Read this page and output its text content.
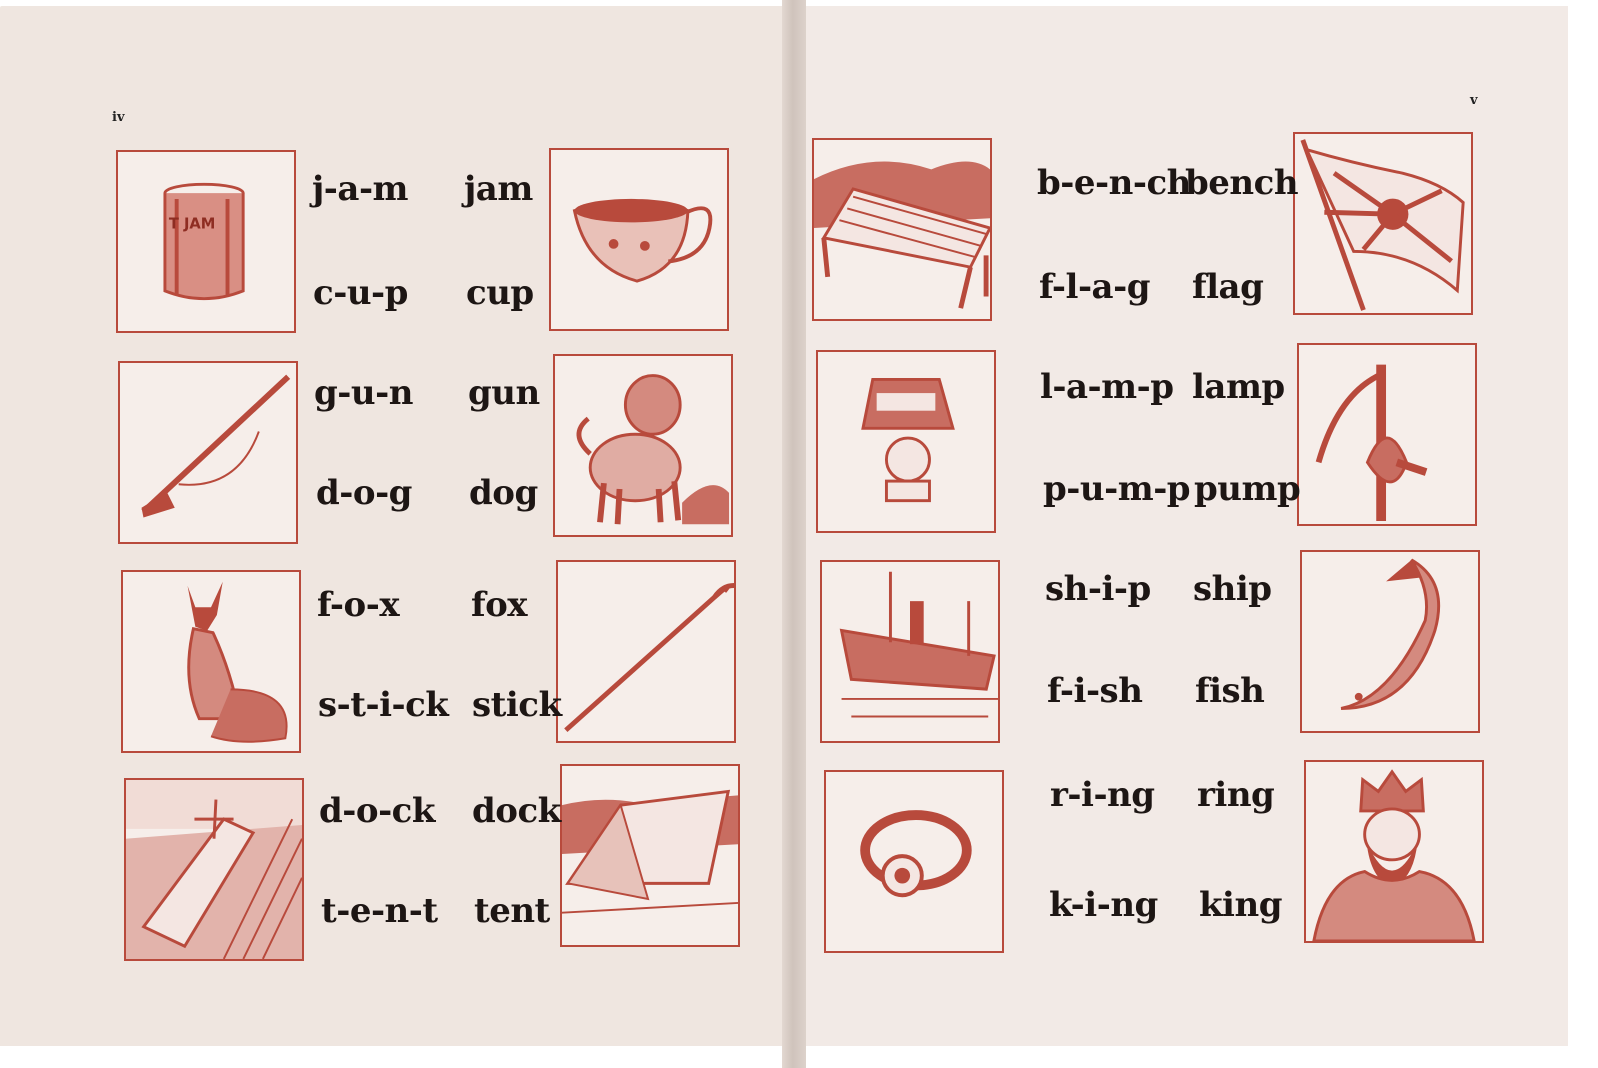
iv
v
T JAM
j-a-m jam
c-u-p cup
g-u-n gun
d-o-g dog
f-o-x fox
s-t-i-ck stick
d-o-ck dock
t-e-n-t tent
b-e-n-ch
bench
f-l-a-g flag
l-a-m-p lamp
p-u-m-p pump
sh-i-p ship
f-i-sh fish
r-i-ng ring
k-i-ng king
